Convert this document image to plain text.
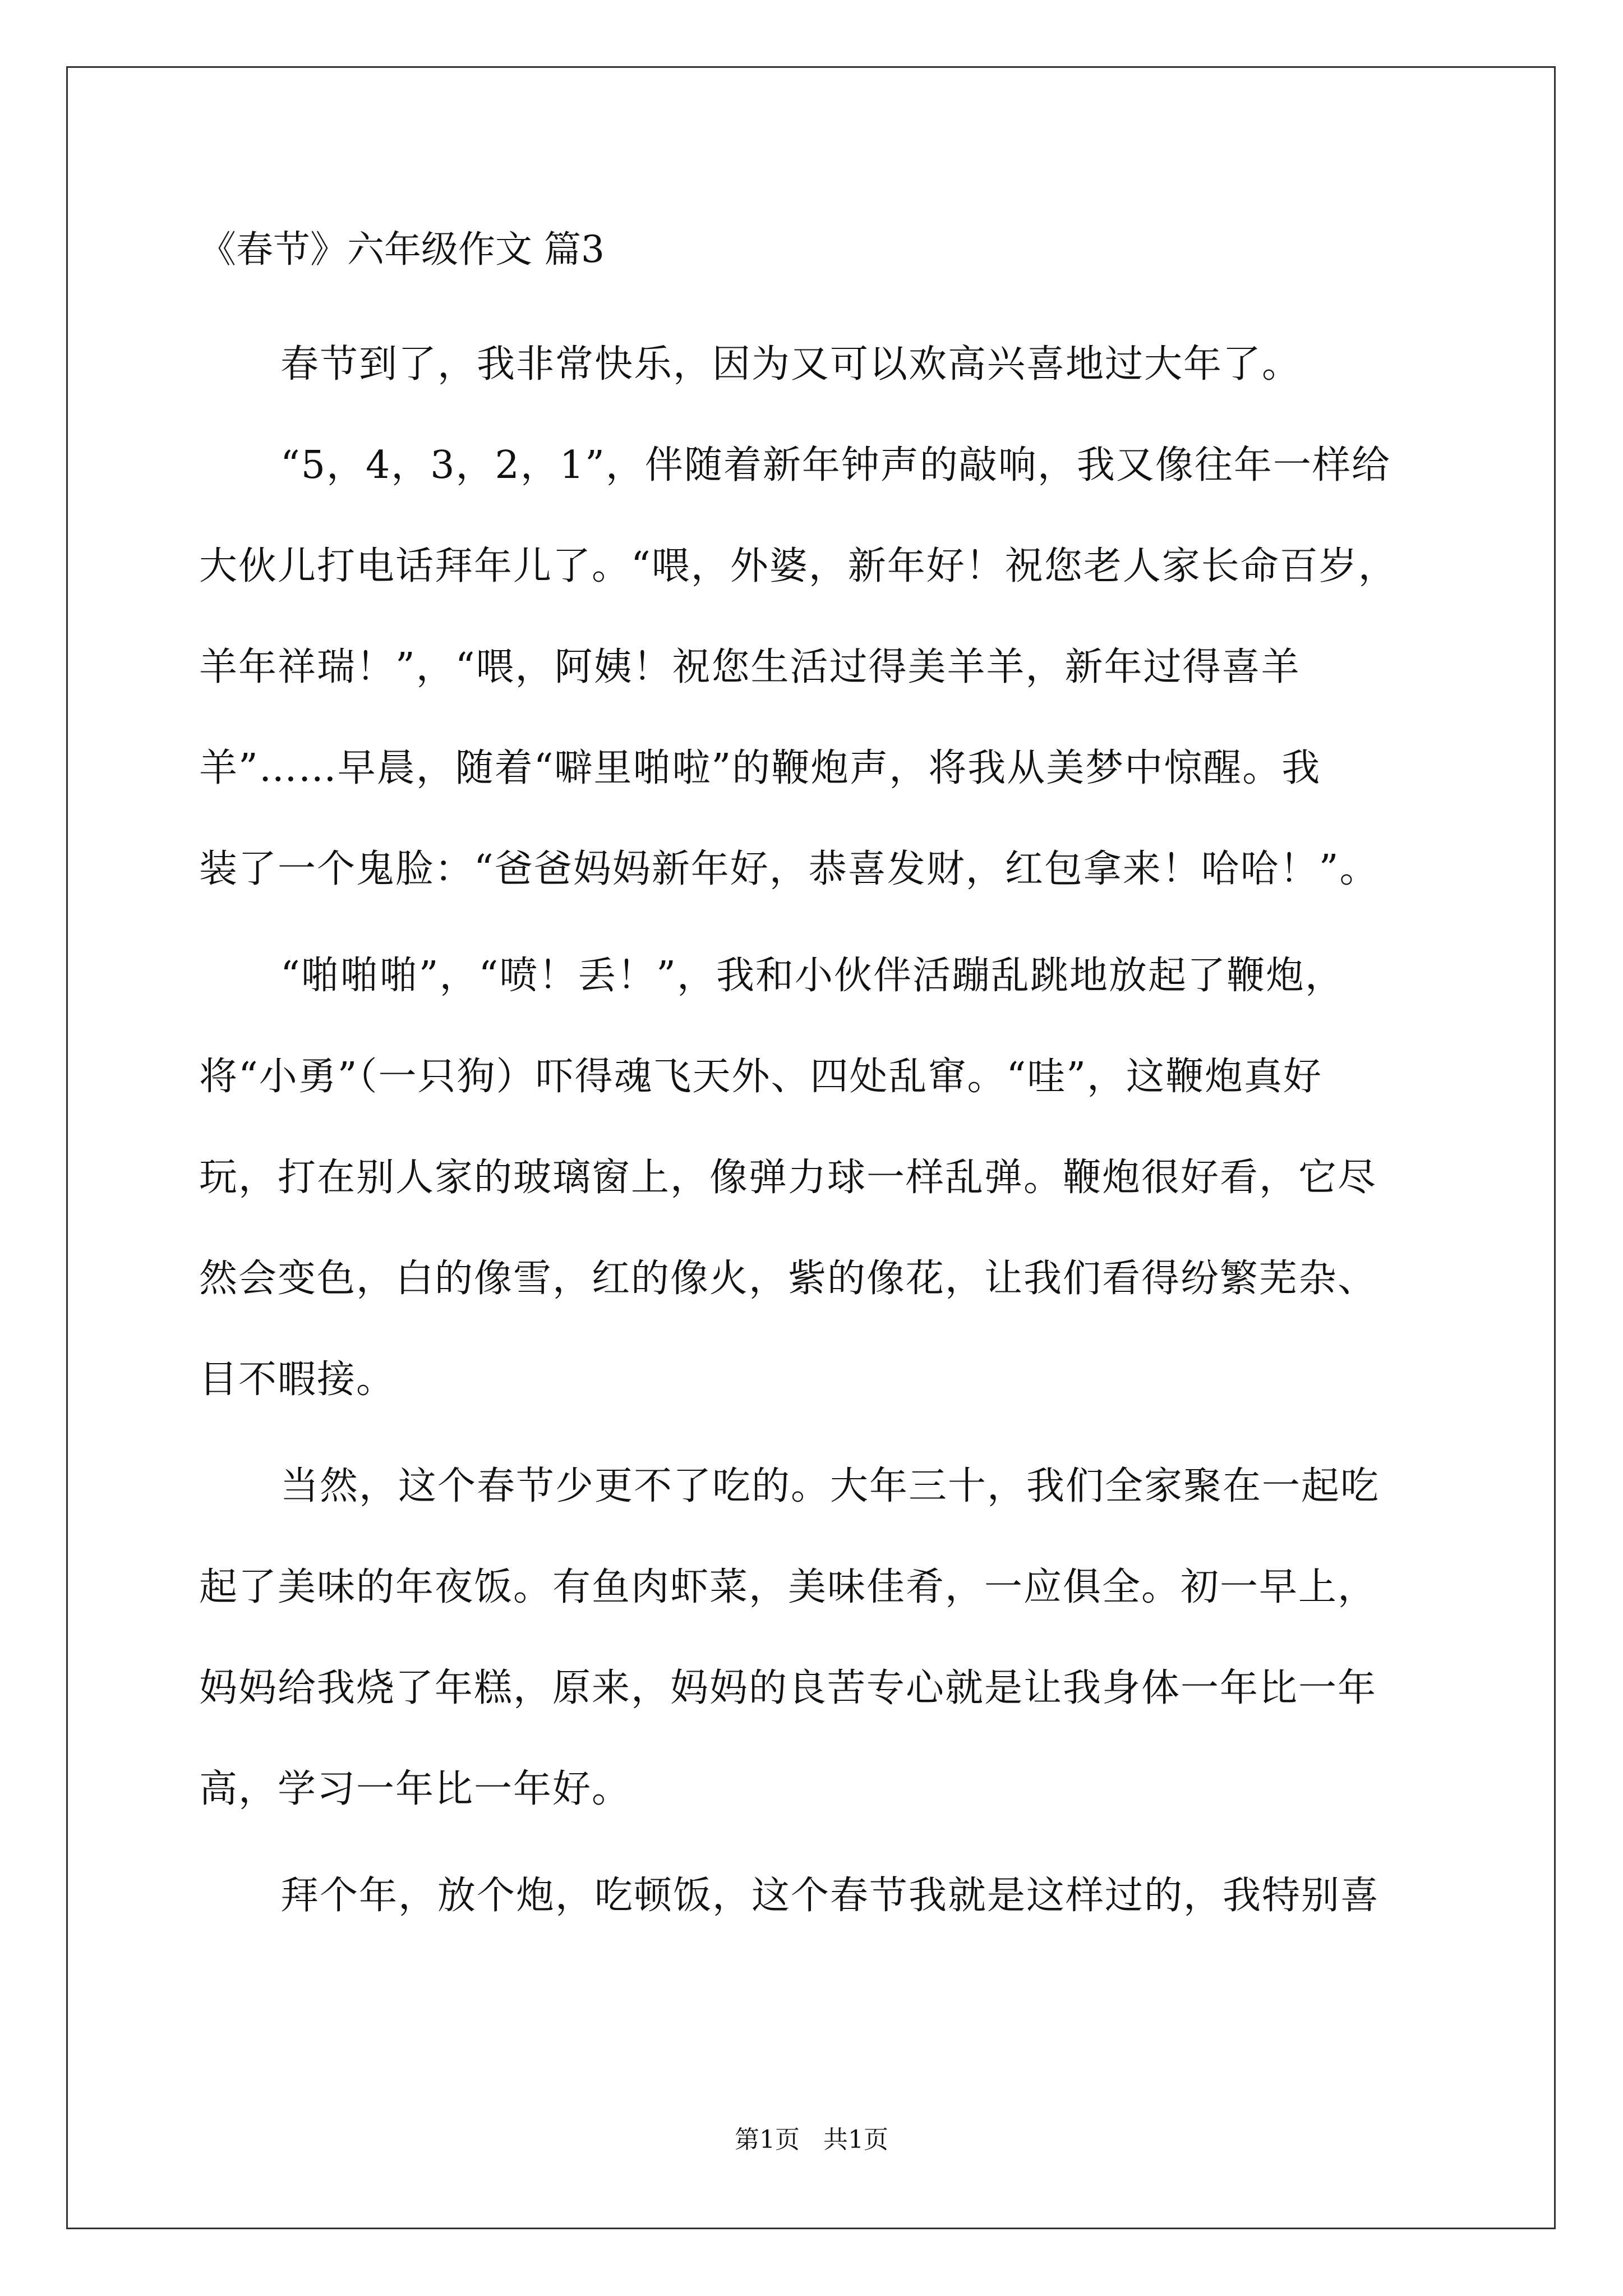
《春节》六年级作文 篇3
春节到了，我非常快乐，因为又可以欢高兴喜地过大年了。
“5，4，3，2，1”，伴随着新年钟声的敲响，我又像往年一样给
大伙儿打电话拜年儿了。“喂，外婆，新年好！祝您老人家长命百岁，
羊年祥瑞！”，“喂，阿姨！祝您生活过得美羊羊，新年过得喜羊
羊”……早晨，随着“噼里啪啦”的鞭炮声，将我从美梦中惊醒。我
装了一个鬼脸：“爸爸妈妈新年好，恭喜发财，红包拿来！哈哈！”。
“啪啪啪”，“喷！丢！”，我和小伙伴活蹦乱跳地放起了鞭炮，
将“小勇”（一只狗）吓得魂飞天外、四处乱窜。“哇”，这鞭炮真好
玩，打在别人家的玻璃窗上，像弹力球一样乱弹。鞭炮很好看，它尽
然会变色，白的像雪，红的像火，紫的像花，让我们看得纷繁芜杂、
目不暇接。
当然，这个春节少更不了吃的。大年三十，我们全家聚在一起吃
起了美味的年夜饭。有鱼肉虾菜，美味佳肴，一应俱全。初一早上，
妈妈给我烧了年糕，原来，妈妈的良苦专心就是让我身体一年比一年
高，学习一年比一年好。
拜个年，放个炮，吃顿饭，这个春节我就是这样过的，我特别喜
第1页   共1页
